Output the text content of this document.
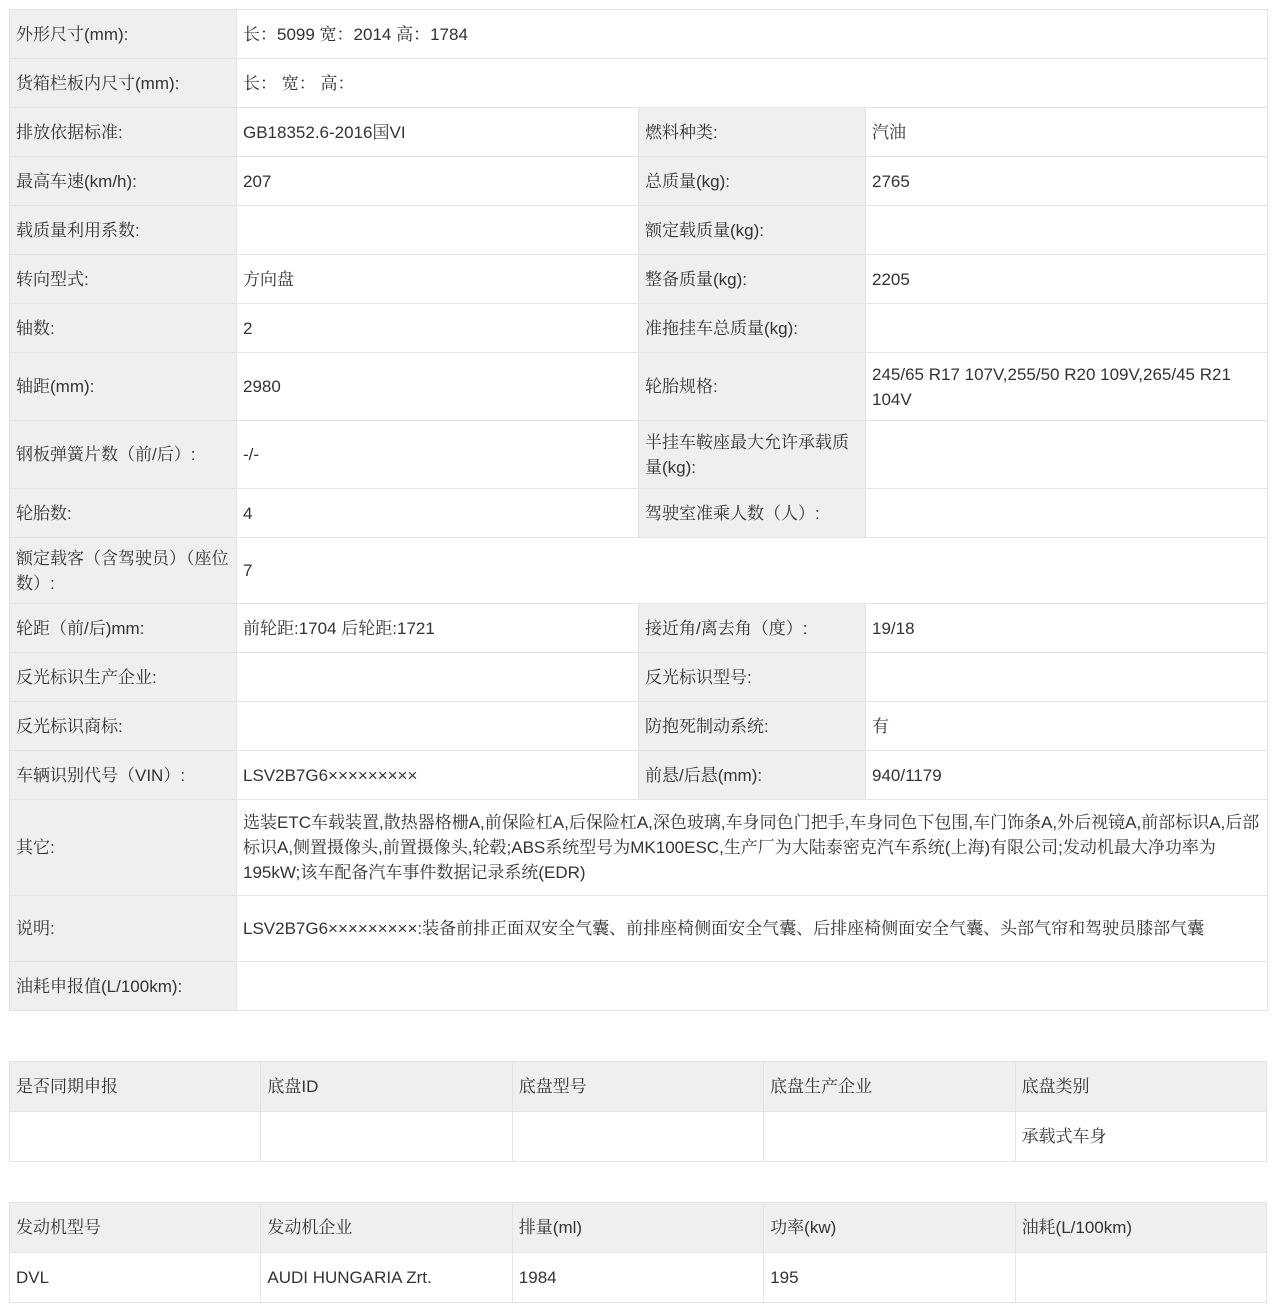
外形尺寸(mm):	长：5099 宽：2014 高：1784		
货箱栏板内尺寸(mm):	长： 宽： 高：		
排放依据标准:	GB18352.6-2016国VI	燃料种类:	汽油
最高车速(km/h):	207	总质量(kg):	2765
载质量利用系数:		额定载质量(kg):	
转向型式:	方向盘	整备质量(kg):	2205
轴数:	2	准拖挂车总质量(kg):	
轴距(mm):	2980	轮胎规格:	245/65 R17 107V,255/50 R20 109V,265/45 R21 104V
钢板弹簧片数（前/后）:	-/-	半挂车鞍座最大允许承载质量(kg):	
轮胎数:	4	驾驶室准乘人数（人）:	
额定载客（含驾驶员）（座位数）:	7		
轮距（前/后)mm:	前轮距:1704 后轮距:1721	接近角/离去角（度）:	19/18
反光标识生产企业:		反光标识型号:	
反光标识商标:		防抱死制动系统:	有
车辆识别代号（VIN）:	LSV2B7G6×××××××××	前悬/后悬(mm):	940/1179
其它:	选装ETC车载装置,散热器格栅A,前保险杠A,后保险杠A,深色玻璃,车身同色门把手,车身同色下包围,车门饰条A,外后视镜A,前部标识A,后部标识A,侧置摄像头,前置摄像头,轮毂;ABS系统型号为MK100ESC,生产厂为大陆泰密克汽车系统(上海)有限公司;发动机最大净功率为195kW;该车配备汽车事件数据记录系统(EDR)		
说明:	LSV2B7G6×××××××××:装备前排正面双安全气囊、前排座椅侧面安全气囊、后排座椅侧面安全气囊、头部气帘和驾驶员膝部气囊		
油耗申报值(L/100km):			
是否同期申报	底盘ID	底盘型号	底盘生产企业	底盘类别
				承载式车身
发动机型号	发动机企业	排量(ml)	功率(kw)	油耗(L/100km)
DVL	AUDI HUNGARIA Zrt.	1984	195	
